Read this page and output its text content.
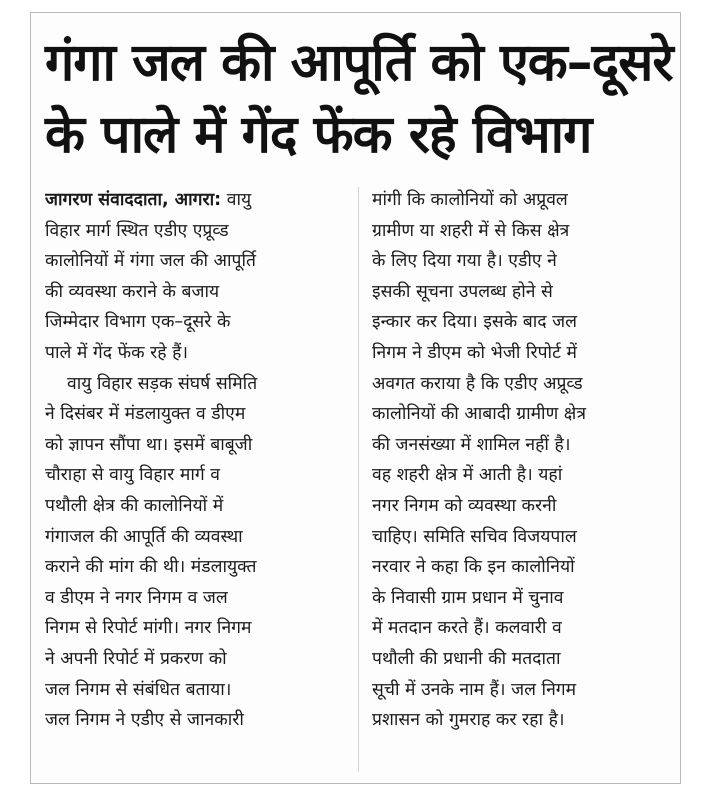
गंगा जल की आपूर्ति को एक–दूसरे
के पाले में गेंद फेंक रहे विभाग
जागरण संवाददाता, आगरा: वायु
विहार मार्ग स्थित एडीए एप्रूव्ड
कालोनियों में गंगा जल की आपूर्ति
की व्यवस्था कराने के बजाय
जिम्मेदार विभाग एक–दूसरे के
पाले में गेंद फेंक रहे हैं।
वायु विहार सड़क संघर्ष समिति
ने दिसंबर में मंडलायुक्त व डीएम
को ज्ञापन सौंपा था। इसमें बाबूजी
चौराहा से वायु विहार मार्ग व
पथौली क्षेत्र की कालोनियों में
गंगाजल की आपूर्ति की व्यवस्था
कराने की मांग की थी। मंडलायुक्त
व डीएम ने नगर निगम व जल
निगम से रिपोर्ट मांगी। नगर निगम
ने अपनी रिपोर्ट में प्रकरण को
जल निगम से संबंधित बताया।
जल निगम ने एडीए से जानकारी
मांगी कि कालोनियों को अप्रूवल
ग्रामीण या शहरी में से किस क्षेत्र
के लिए दिया गया है। एडीए ने
इसकी सूचना उपलब्ध होने से
इन्कार कर दिया। इसके बाद जल
निगम ने डीएम को भेजी रिपोर्ट में
अवगत कराया है कि एडीए अप्रूव्ड
कालोनियों की आबादी ग्रामीण क्षेत्र
की जनसंख्या में शामिल नहीं है।
वह शहरी क्षेत्र में आती है। यहां
नगर निगम को व्यवस्था करनी
चाहिए। समिति सचिव विजयपाल
नरवार ने कहा कि इन कालोनियों
के निवासी ग्राम प्रधान में चुनाव
में मतदान करते हैं। कलवारी व
पथौली की प्रधानी की मतदाता
सूची में उनके नाम हैं। जल निगम
प्रशासन को गुमराह कर रहा है।
